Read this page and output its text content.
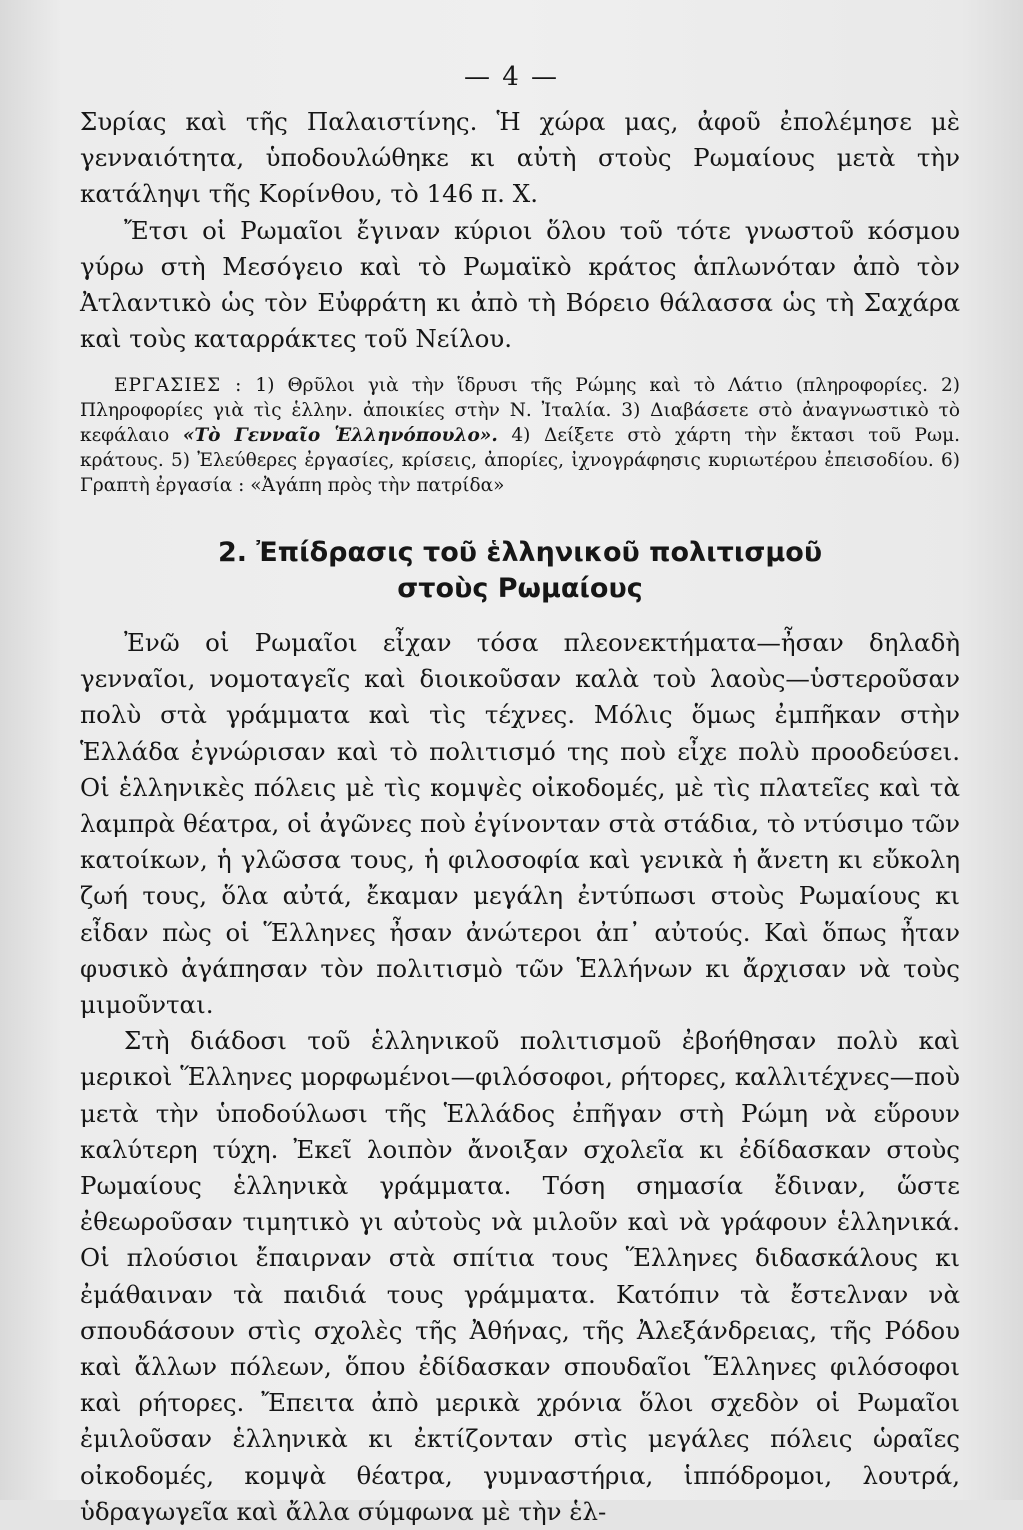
— 4 —

Συρίας καὶ τῆς Παλαιστίνης. Ἡ χώρα μας, ἀφοῦ ἐπολέμησε μὲ γενναιότητα, ὑποδουλώθηκε κι αὐτὴ στοὺς Ρωμαίους μετὰ τὴν κατάληψι τῆς Κορίνθου, τὸ 146 π. Χ.

Ἔτσι οἱ Ρωμαῖοι ἔγιναν κύριοι ὅλου τοῦ τότε γνωστοῦ κόσμου γύρω στὴ Μεσόγειο καὶ τὸ Ρωμαϊκὸ κράτος ἁπλωνόταν ἀπὸ τὸν Ἀτλαντικὸ ὡς τὸν Εὐφράτη κι ἀπὸ τὴ Βόρειο θάλασσα ὡς τὴ Σαχάρα καὶ τοὺς καταρράκτες τοῦ Νείλου.

ΕΡΓΑΣΙΕΣ : 1) Θρῦλοι γιὰ τὴν ἵδρυσι τῆς Ρώμης καὶ τὸ Λάτιο (πληροφορίες. 2) Πληροφορίες γιὰ τὶς ἑλλην. ἀποικίες στὴν Ν. Ἰταλία. 3) Διαβάσετε στὸ ἀναγνωστικὸ τὸ κεφάλαιο «Τὸ Γενναῖο Ἑλληνόπουλο». 4) Δείξετε στὸ χάρτη τὴν ἔκτασι τοῦ Ρωμ. κράτους. 5) Ἐλεύθερες ἐργασίες, κρίσεις, ἀπορίες, ἰχνογράφησις κυριωτέρου ἐπεισοδίου. 6) Γραπτὴ ἐργασία : «Ἀγάπη πρὸς τὴν πατρίδα»
2. Ἐπίδρασις τοῦ ἑλληνικοῦ πολιτισμοῦ
στοὺς Ρωμαίους

Ἐνῶ οἱ Ρωμαῖοι εἶχαν τόσα πλεονεκτήματα—ἦσαν δηλαδὴ γενναῖοι, νομοταγεῖς καὶ διοικοῦσαν καλὰ τοὺ λαοὺς—ὑστεροῦσαν πολὺ στὰ γράμματα καὶ τὶς τέχνες. Μόλις ὅμως ἐμπῆκαν στὴν Ἑλλάδα ἐγνώρισαν καὶ τὸ πολιτισμό της ποὺ εἶχε πολὺ προοδεύσει. Οἱ ἑλληνικὲς πόλεις μὲ τὶς κομψὲς οἰκοδομές, μὲ τὶς πλατεῖες καὶ τὰ λαμπρὰ θέατρα, οἱ ἀγῶνες ποὺ ἐγίνονταν στὰ στάδια, τὸ ντύσιμο τῶν κατοίκων, ἡ γλῶσσα τους, ἡ φιλοσοφία καὶ γενικὰ ἡ ἄνετη κι εὔκολη ζωή τους, ὅλα αὐτά, ἔκαμαν μεγάλη ἐντύπωσι στοὺς Ρωμαίους κι εἶδαν πὼς οἱ Ἕλληνες ἦσαν ἀνώτεροι ἀπ᾿ αὐτούς. Καὶ ὅπως ἦταν φυσικὸ ἀγάπησαν τὸν πολιτισμὸ τῶν Ἑλλήνων κι ἄρχισαν νὰ τοὺς μιμοῦνται.

Στὴ διάδοσι τοῦ ἑλληνικοῦ πολιτισμοῦ ἐβοήθησαν πολὺ καὶ μερικοὶ Ἕλληνες μορφωμένοι—φιλόσοφοι, ρήτορες, καλλιτέχνες—ποὺ μετὰ τὴν ὑποδούλωσι τῆς Ἑλλάδος ἐπῆγαν στὴ Ρώμη νὰ εὕρουν καλύτερη τύχη. Ἐκεῖ λοιπὸν ἄνοιξαν σχολεῖα κι ἐδίδασκαν στοὺς Ρωμαίους ἑλληνικὰ γράμματα. Τόση σημασία ἔδιναν, ὥστε ἐθεωροῦσαν τιμητικὸ γι αὐτοὺς νὰ μιλοῦν καὶ νὰ γράφουν ἑλληνικά. Οἱ πλούσιοι ἔπαιρναν στὰ σπίτια τους Ἕλληνες διδασκάλους κι ἐμάθαιναν τὰ παιδιά τους γράμματα. Κατόπιν τὰ ἔστελναν νὰ σπουδάσουν στὶς σχολὲς τῆς Ἀθήνας, τῆς Ἀλεξάνδρειας, τῆς Ρόδου καὶ ἄλλων πόλεων, ὅπου ἐδίδασκαν σπουδαῖοι Ἕλληνες φιλόσοφοι καὶ ρήτορες. Ἔπειτα ἀπὸ μερικὰ χρόνια ὅλοι σχεδὸν οἱ Ρωμαῖοι ἐμιλοῦσαν ἑλληνικὰ κι ἐκτίζονταν στὶς μεγάλες πόλεις ὡραῖες οἰκοδομές, κομψὰ θέατρα, γυμναστήρια, ἱππόδρομοι, λουτρά, ὑδραγωγεῖα καὶ ἄλλα σύμφωνα μὲ τὴν ἑλ-
